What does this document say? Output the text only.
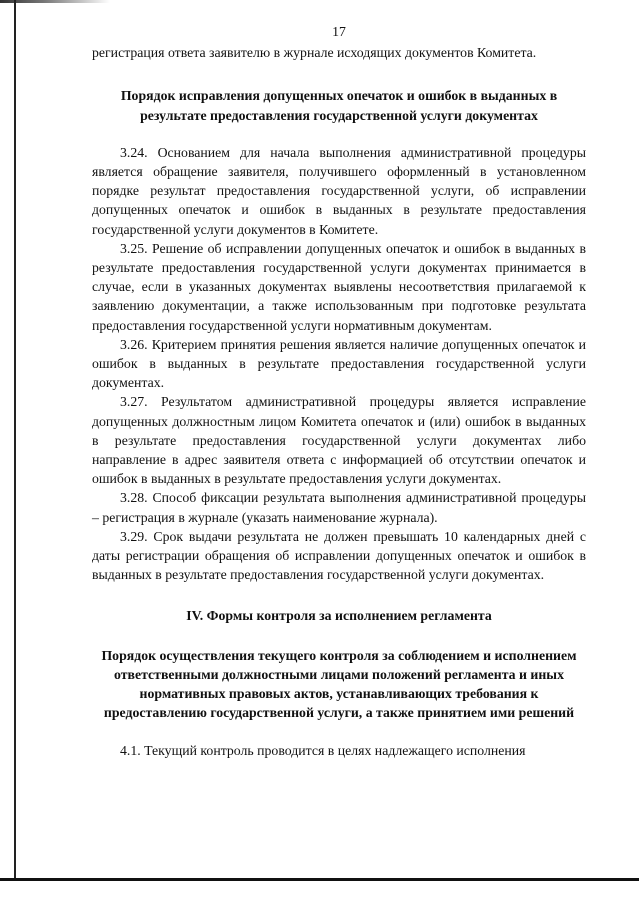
17

регистрация ответа заявителю в журнале исходящих документов Комитета.

Порядок исправления допущенных опечаток и ошибок в выданных в результате предоставления государственной услуги документах

3.24. Основанием для начала выполнения административной процедуры является обращение заявителя, получившего оформленный в установленном порядке результат предоставления государственной услуги, об исправлении допущенных опечаток и ошибок в выданных в результате предоставления государственной услуги документов в Комитете.

3.25. Решение об исправлении допущенных опечаток и ошибок в выданных в результате предоставления государственной услуги документах принимается в случае, если в указанных документах выявлены несоответствия прилагаемой к заявлению документации, а также использованным при подготовке результата предоставления государственной услуги нормативным документам.

3.26. Критерием принятия решения является наличие допущенных опечаток и ошибок в выданных в результате предоставления государственной услуги документах.

3.27. Результатом административной процедуры является исправление допущенных должностным лицом Комитета опечаток и (или) ошибок в выданных в результате предоставления государственной услуги документах либо направление в адрес заявителя ответа с информацией об отсутствии опечаток и ошибок в выданных в результате предоставления услуги документах.

3.28. Способ фиксации результата выполнения административной процедуры – регистрация в журнале (указать наименование журнала).

3.29. Срок выдачи результата не должен превышать 10 календарных дней с даты регистрации обращения об исправлении допущенных опечаток и ошибок в выданных в результате предоставления государственной услуги документах.

IV. Формы контроля за исполнением регламента

Порядок осуществления текущего контроля за соблюдением и исполнением ответственными должностными лицами положений регламента и иных нормативных правовых актов, устанавливающих требования к предоставлению государственной услуги, а также принятием ими решений

4.1. Текущий контроль проводится в целях надлежащего исполнения
